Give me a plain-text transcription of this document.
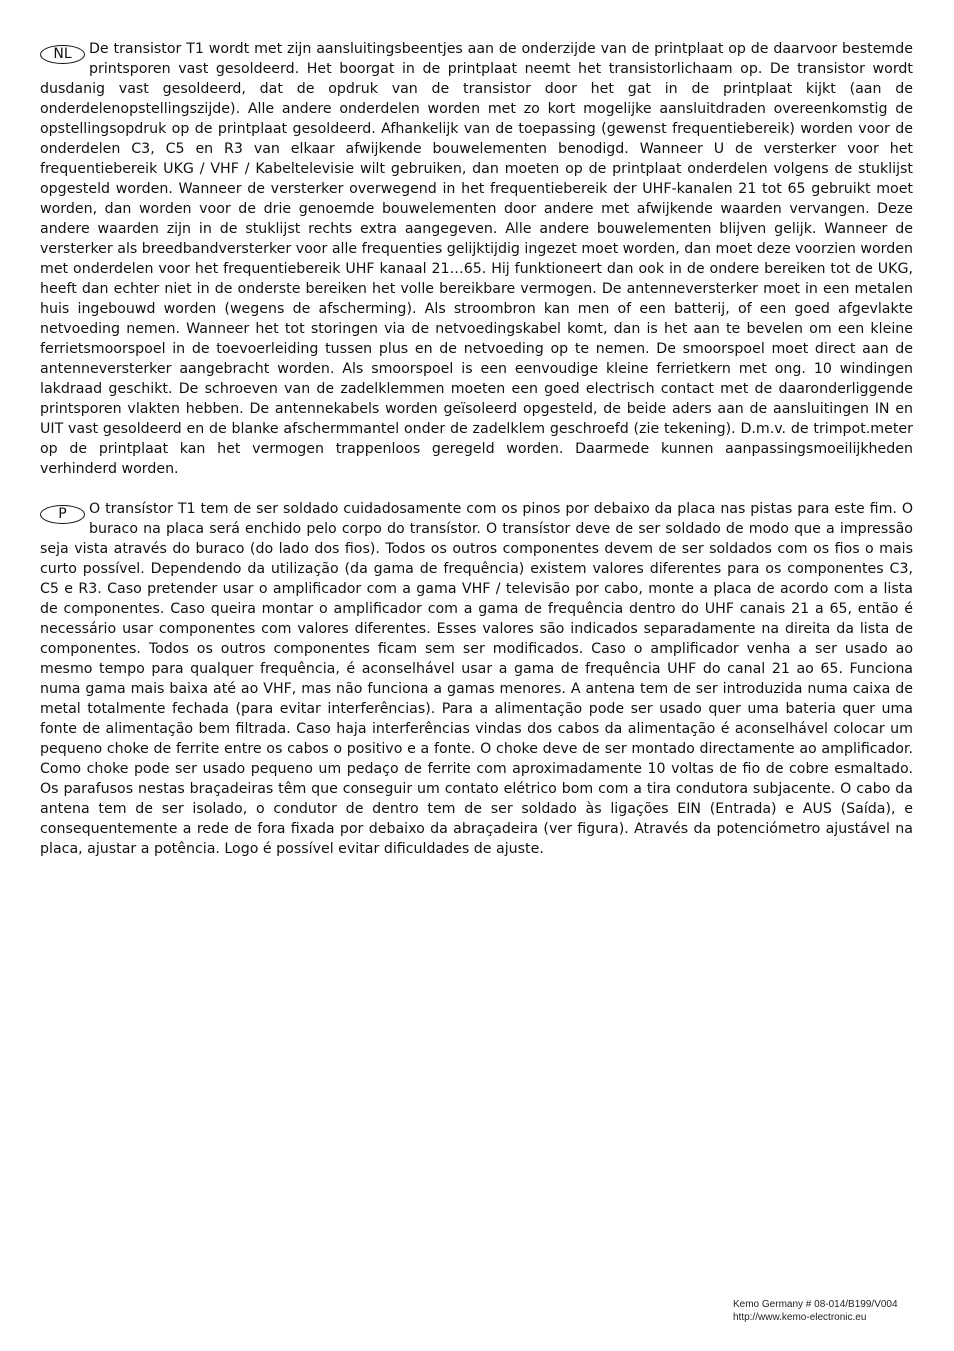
NL	De transistor T1 wordt met zijn aansluitingsbeentjes aan de onderzijde van de printplaat op de daarvoor bestemde printsporen vast gesoldeerd. Het boorgat in de printplaat neemt het transistorlichaam op. De transistor wordt dusdanig vast gesoldeerd, dat de opdruk van de transistor door het gat in de printplaat kijkt (aan de onderdelenopstellingszijde). Alle andere onderdelen worden met zo kort mogelijke aansluitdraden overeenkomstig de opstellingsopdruk op de printplaat gesoldeerd. Afhankelijk van de toepassing (gewenst frequentiebereik) worden voor de onderdelen C3, C5 en R3 van elkaar afwijkende bouwelementen benodigd. Wanneer U de versterker voor het frequentiebereik UKG / VHF / Kabeltelevisie wilt gebruiken, dan moeten op de printplaat onderdelen volgens de stuklijst opgesteld worden. Wanneer de versterker overwegend in het frequentiebereik der UHF-kanalen 21 tot 65 gebruikt moet worden, dan worden voor de drie genoemde bouwelementen door andere met afwijkende waarden vervangen. Deze andere waarden zijn in de stuklijst rechts extra aangegeven. Alle andere bouwelementen blijven gelijk. Wanneer de versterker als breedbandversterker voor alle frequenties gelijktijdig ingezet moet worden, dan moet deze voorzien worden met onderdelen voor het frequentiebereik UHF kanaal 21…65. Hij funktioneert dan ook in de ondere bereiken tot de UKG, heeft dan echter niet in de onderste bereiken het volle bereikbare vermogen. De antenneversterker moet in een metalen huis ingebouwd worden (wegens de afscherming). Als stroombron kan men of een batterij, of een goed afgevlakte netvoeding nemen. Wanneer het tot storingen via de netvoedingskabel komt, dan is het aan te bevelen om een kleine ferrietsmoorspoel in de toevoerleiding tussen plus en de netvoeding op te nemen. De smoorspoel moet direct aan de antenneversterker aangebracht worden. Als smoorspoel is een eenvoudige kleine ferrietkern met ong. 10 windingen lakdraad geschikt. De schroeven van de zadelklemmen moeten een goed electrisch contact met de daaronderliggende printsporen vlakten hebben. De antennekabels worden geïsoleerd opgesteld, de beide aders aan de aansluitingen IN en UIT vast gesoldeerd en de blanke afschermmantel onder de zadelklem geschroefd (zie tekening). D.m.v. de trimpot.meter op de printplaat kan het vermogen trappenloos geregeld worden. Daarmede kunnen aanpassingsmoeilijkheden verhinderd worden.
P	O transístor T1 tem de ser soldado cuidadosamente com os pinos por debaixo da placa nas pistas para este fim. O buraco na placa será enchido pelo corpo do transístor. O transístor deve de ser soldado de modo que a impressão seja vista através do buraco (do lado dos fios). Todos os outros componentes devem de ser soldados com os fios o mais curto possível. Dependendo da utilização (da gama de frequência) existem valores diferentes para os componentes C3, C5 e R3. Caso pretender usar o amplificador com a gama VHF / televisão por cabo, monte a placa de acordo com a lista de componentes. Caso queira montar o amplificador com a gama de frequência dentro do UHF canais 21 a 65, então é necessário usar componentes com valores diferentes. Esses valores são indicados separadamente na direita da lista de componentes. Todos os outros componentes ficam sem ser modificados. Caso o amplificador venha a ser usado ao mesmo tempo para qualquer frequência, é aconselhável usar a gama de frequência UHF do canal 21 ao 65. Funciona numa gama mais baixa até ao VHF, mas não funciona a gamas menores. A antena tem de ser introduzida numa caixa de metal totalmente fechada (para evitar interferências). Para a alimentação pode ser usado quer uma bateria quer uma fonte de alimentação bem filtrada. Caso haja interferências vindas dos cabos da alimentação é aconselhável colocar um pequeno choke de ferrite entre os cabos o positivo e a fonte. O choke deve de ser montado directamente ao amplificador. Como choke pode ser usado pequeno um pedaço de ferrite com aproximadamente 10 voltas de fio de cobre esmaltado. Os parafusos nestas braçadeiras têm que conseguir um contato elétrico bom com a tira condutora subjacente. O cabo da antena tem de ser isolado, o condutor de dentro tem de ser soldado às ligações EIN (Entrada) e AUS (Saída), e consequentemente a rede de fora fixada por debaixo da abraçadeira (ver figura). Através da potenciómetro ajustável na placa, ajustar a potência. Logo é possível evitar dificuldades de ajuste.
Kemo Germany # 08-014/B199/V004
http://www.kemo-electronic.eu
